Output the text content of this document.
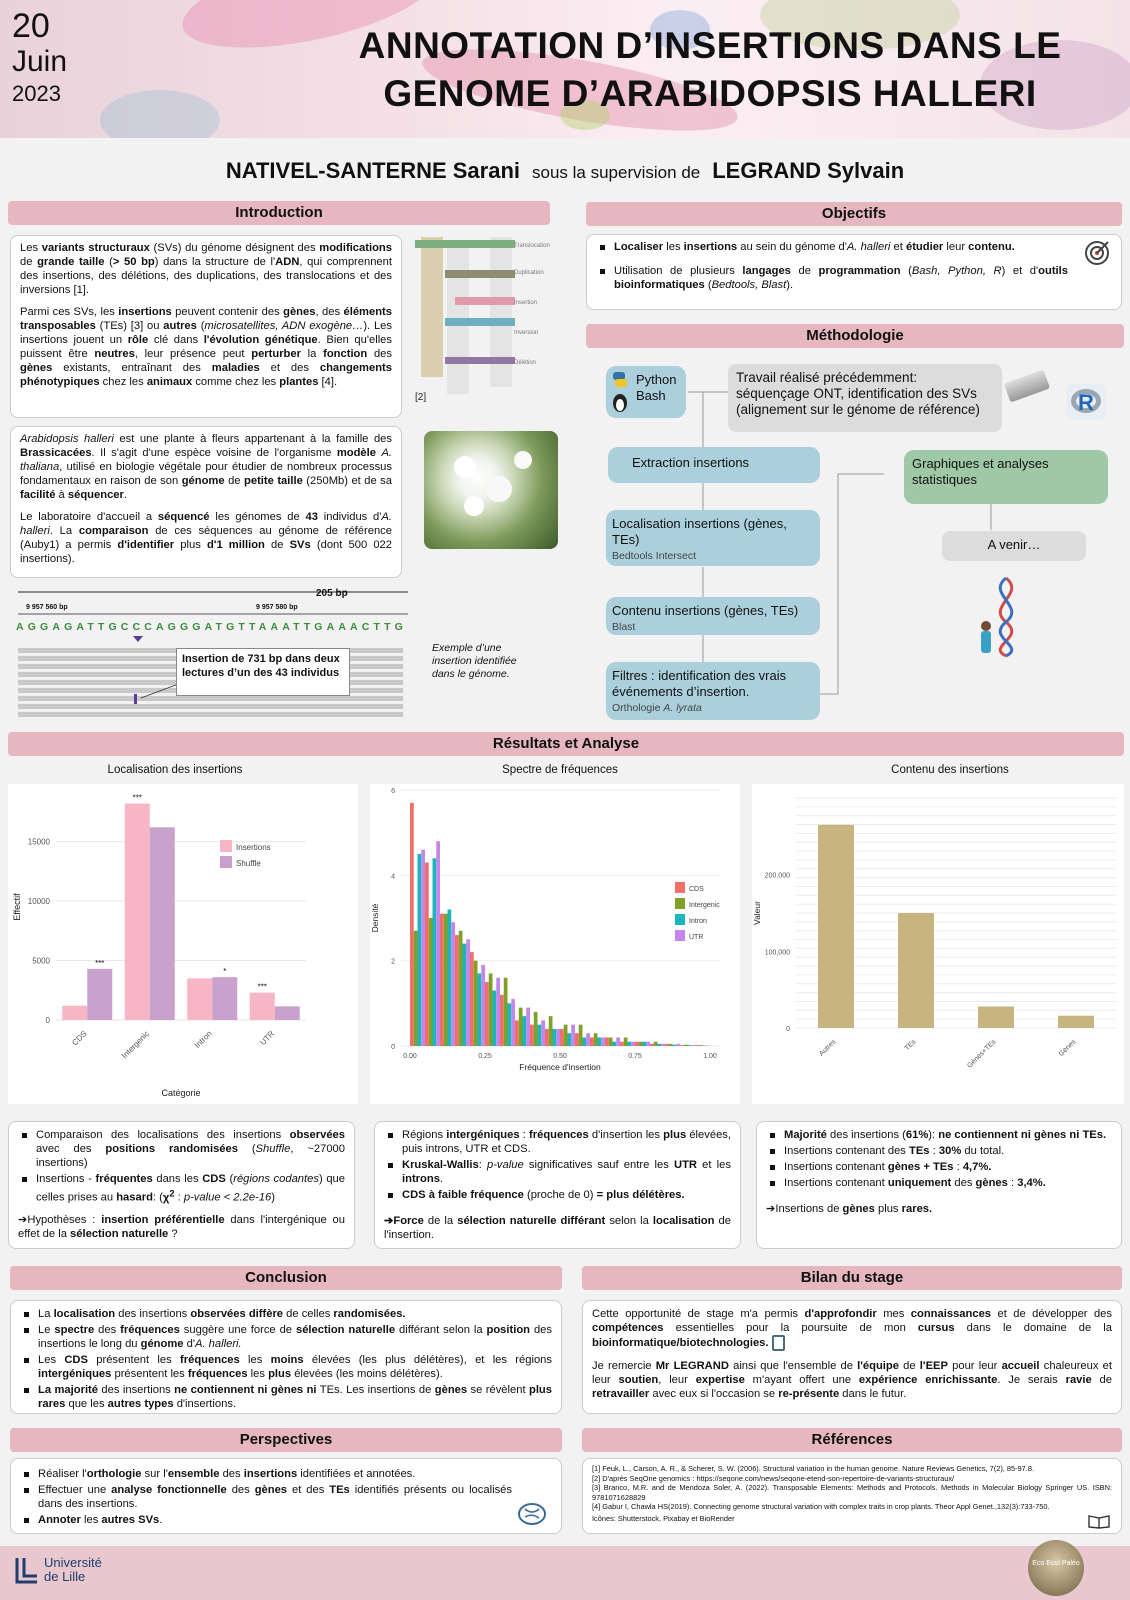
20
Juin
2023
ANNOTATION D’INSERTIONS DANS LE
GENOME D’ARABIDOPSIS HALLERI
NATIVEL-SANTERNE Sarani sous la supervision de LEGRAND Sylvain
Introduction

Les variants structuraux (SVs) du génome désignent des modifications de grande taille (> 50 bp) dans la structure de l'ADN, qui comprennent des insertions, des délétions, des duplications, des translocations et des inversions [1].

Parmi ces SVs, les insertions peuvent contenir des gènes, des éléments transposables (TEs) [3] ou autres (microsatellites, ADN exogène…). Les insertions jouent un rôle clé dans l'évolution génétique. Bien qu'elles puissent être neutres, leur présence peut perturber la fonction des gènes existants, entraînant des maladies et des changements phénotypiques chez les animaux comme chez les plantes [4].

Arabidopsis halleri est une plante à fleurs appartenant à la famille des Brassicacées. Il s'agit d'une espèce voisine de l'organisme modèle A. thaliana, utilisé en biologie végétale pour étudier de nombreux processus fondamentaux en raison de son génome de petite taille (250Mb) et de sa facilité à séquencer.

Le laboratoire d'accueil a séquencé les génomes de 43 individus d'A. halleri. La comparaison de ces séquences au génome de référence (Auby1) a permis d'identifier plus d'1 million de SVs (dont 500 022 insertions).

Translocation
Duplication
Insertion
Inversion
Délétion
[2]
205 bp
9 957 560 bp	9 957 580 bp
AGGAGATTGCCCAGGGATGTTAAATTGAAACTTG
Insertion de 731 bp dans deux lectures d’un des 43 individus
Exemple d’une insertion identifiée dans le génome.
Objectifs
Localiser les insertions au sein du génome d'A. halleri et étudier leur contenu.
Utilisation de plusieurs langages de programmation (Bash, Python, R) et d'outils bioinformatiques (Bedtools, Blast).
Méthodologie
Python
Bash
Travail réalisé précédemment: séquençage ONT, identification des SVs (alignement sur le génome de référence)	R
Extraction insertions
Localisation insertions (gènes, TEs)
Bedtools Intersect
Contenu insertions (gènes, TEs)
Blast
Filtres : identification des vrais événements d’insertion.
Orthologie A. lyrata
Graphiques et analyses statistiques
A venir…
Résultats et Analyse
Localisation des insertions	Spectre de fréquences	Contenu des insertions
0
5000
10000
15000
***
CDS
***
Intergenic
*
Intron
***
UTR
Catégorie
Effectif
Insertions
Shuffle
0
2
4
6
0.00	0.25	0.50	0.75	1.00
Fréquence d'insertion
Densité
CDS
Intergenic
Intron
UTR
0
100,000
200,000
Autres	TEs	Gènes+TEs	Gènes
Valeur
Comparaison des localisations des insertions observées avec des positions randomisées (Shuffle, ~27000 insertions)
Insertions - fréquentes dans les CDS (régions codantes) que celles prises au hasard: ($\chi^2$ : p-value < 2.2e-16)

➔Hypothèses : insertion préférentielle dans l'intergénique ou effet de la sélection naturelle ?

Régions intergéniques : fréquences d'insertion les plus élevées, puis introns, UTR et CDS.
Kruskal-Wallis: p-value significatives sauf entre les UTR et les introns.
CDS à faible fréquence (proche de 0) = plus délétères.

➔Force de la sélection naturelle différant selon la localisation de l'insertion.

Majorité des insertions (61%): ne contiennent ni gènes ni TEs.
Insertions contenant des TEs : 30% du total.
Insertions contenant gènes + TEs : 4,7%.
Insertions contenant uniquement des gènes : 3,4%.

➔Insertions de gènes plus rares.

Conclusion
La localisation des insertions observées diffère de celles randomisées.
Le spectre des fréquences suggère une force de sélection naturelle différant selon la position des insertions le long du génome d'A. halleri.
Les CDS présentent les fréquences les moins élevées (les plus délétères), et les régions intergéniques présentent les fréquences les plus élevées (les moins délétères).
La majorité des insertions ne contiennent ni gènes ni TEs. Les insertions de gènes se révèlent plus rares que les autres types d'insertions.
Bilan du stage

Cette opportunité de stage m'a permis d'approfondir mes connaissances et de développer des compétences essentielles pour la poursuite de mon cursus dans le domaine de la bioinformatique/biotechnologies.

Je remercie Mr LEGRAND ainsi que l'ensemble de l'équipe de l'EEP pour leur accueil chaleureux et leur soutien, leur expertise m'ayant offert une expérience enrichissante. Je serais ravie de retravailler avec eux si l'occasion se re-présente dans le futur.

Perspectives
Réaliser l'orthologie sur l'ensemble des insertions identifiées et annotées.
Effectuer une analyse fonctionnelle des gènes et des TEs identifiés présents ou localisés dans des insertions.
Annoter les autres SVs.
Références
[1] Feuk, L., Carson, A. R., & Scherer, S. W. (2006). Structural variation in the human genome. Nature Reviews Genetics, 7(2), 85-97.8.
[2] D'après SeqOne genomics : https://seqone.com/news/seqone-etend-son-repertoire-de-variants-structuraux/
[3] Branco, M.R. and de Mendoza Soler, A. (2022). Transposable Elements: Methods and Protocols. Methods in Molecular Biology Springer US. ISBN: 9781071628829
[4] Gabur I, Chawla HS(2019). Connecting genome structural variation with complex traits in crop plants. Theor Appl Genet.,132(3):733-750.
Icônes: Shutterstock, Pixabay et BioRender
Université
de Lille
Eco Ecol Paléo
